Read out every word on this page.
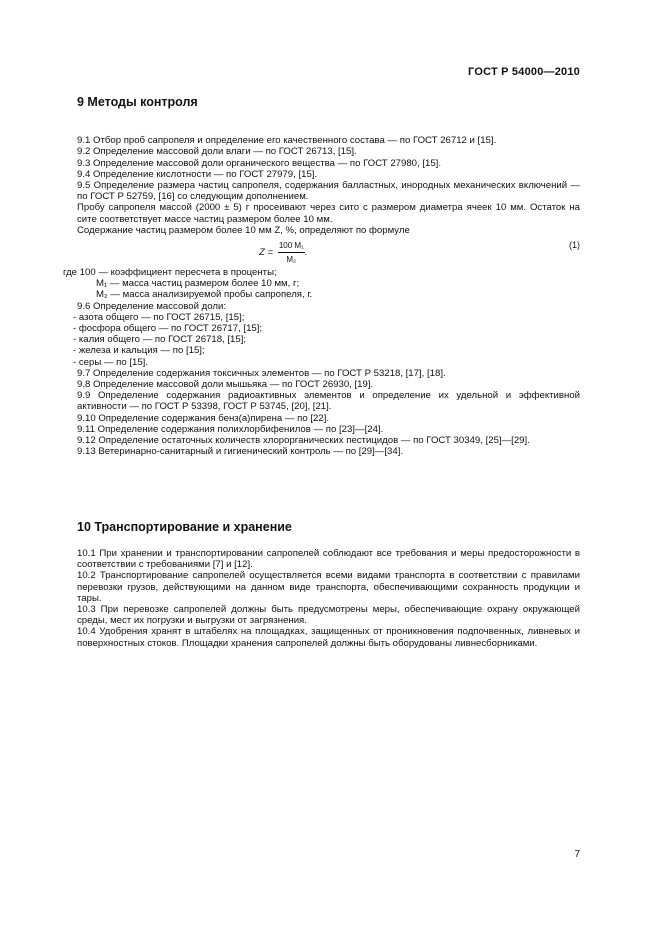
ГОСТ Р 54000—2010
9 Методы контроля

9.1 Отбор проб сапропеля и определение его качественного состава — по ГОСТ 26712 и [15].
9.2 Определение массовой доли влаги — по ГОСТ 26713, [15].
9.3 Определение массовой доли органического вещества — по ГОСТ 27980, [15].
9.4 Определение кислотности — по ГОСТ 27979, [15].
9.5 Определение размера частиц сапропеля, содержания балластных, инородных механических включений — по ГОСТ Р 52759, [16] со следующим дополнением.
Пробу сапропеля массой (2000 ± 5) г просеивают через сито с размером диаметра ячеек 10 мм. Остаток на сите соответствует массе частиц размером более 10 мм.
Содержание частиц размером более 10 мм Z, %, определяют по формуле
$Z = \frac{\text{100 M₁}}{\text{M₂}}$ .
(1)
где 100 — коэффициент пересчета в проценты;
M₁ — масса частиц размером более 10 мм, г;
M₂ — масса анализируемой пробы сапропеля, г.
9.6 Определение массовой доли:
- азота общего — по ГОСТ 26715, [15];
- фосфора общего — по ГОСТ 26717, [15];
- калия общего — по ГОСТ 26718, [15];
- железа и кальция — по [15];
- серы — по [15].
9.7 Определение содержания токсичных элементов — по ГОСТ Р 53218, [17], [18].
9.8 Определение массовой доли мышьяка — по ГОСТ 26930, [19].
9.9 Определение содержания радиоактивных элементов и определение их удельной и эффективной активности — по ГОСТ Р 53398, ГОСТ Р 53745, [20], [21].
9.10 Определение содержания бенз(а)пирена — по [22].
9.11 Определение содержания полихлорбифенилов — по [23]—[24].
9.12 Определение остаточных количеств хлорорганических пестицидов — по ГОСТ 30349, [25]—[29].
9.13 Ветеринарно-санитарный и гигиенический контроль — по [29]—[34].
10 Транспортирование и хранение
10.1 При хранении и транспортировании сапропелей соблюдают все требования и меры предосторожности в соответствии с требованиями [7] и [12].
10.2 Транспортирование сапропелей осуществляется всеми видами транспорта в соответствии с правилами перевозки грузов, действующими на данном виде транспорта, обеспечивающими сохранность продукции и тары.
10.3 При перевозке сапропелей должны быть предусмотрены меры, обеспечивающие охрану окружающей среды, мест их погрузки и выгрузки от загрязнения.
10.4 Удобрения хранят в штабелях на площадках, защищенных от проникновения подпочвенных, ливневых и поверхностных стоков. Площадки хранения сапропелей должны быть оборудованы ливнесборниками.
7
